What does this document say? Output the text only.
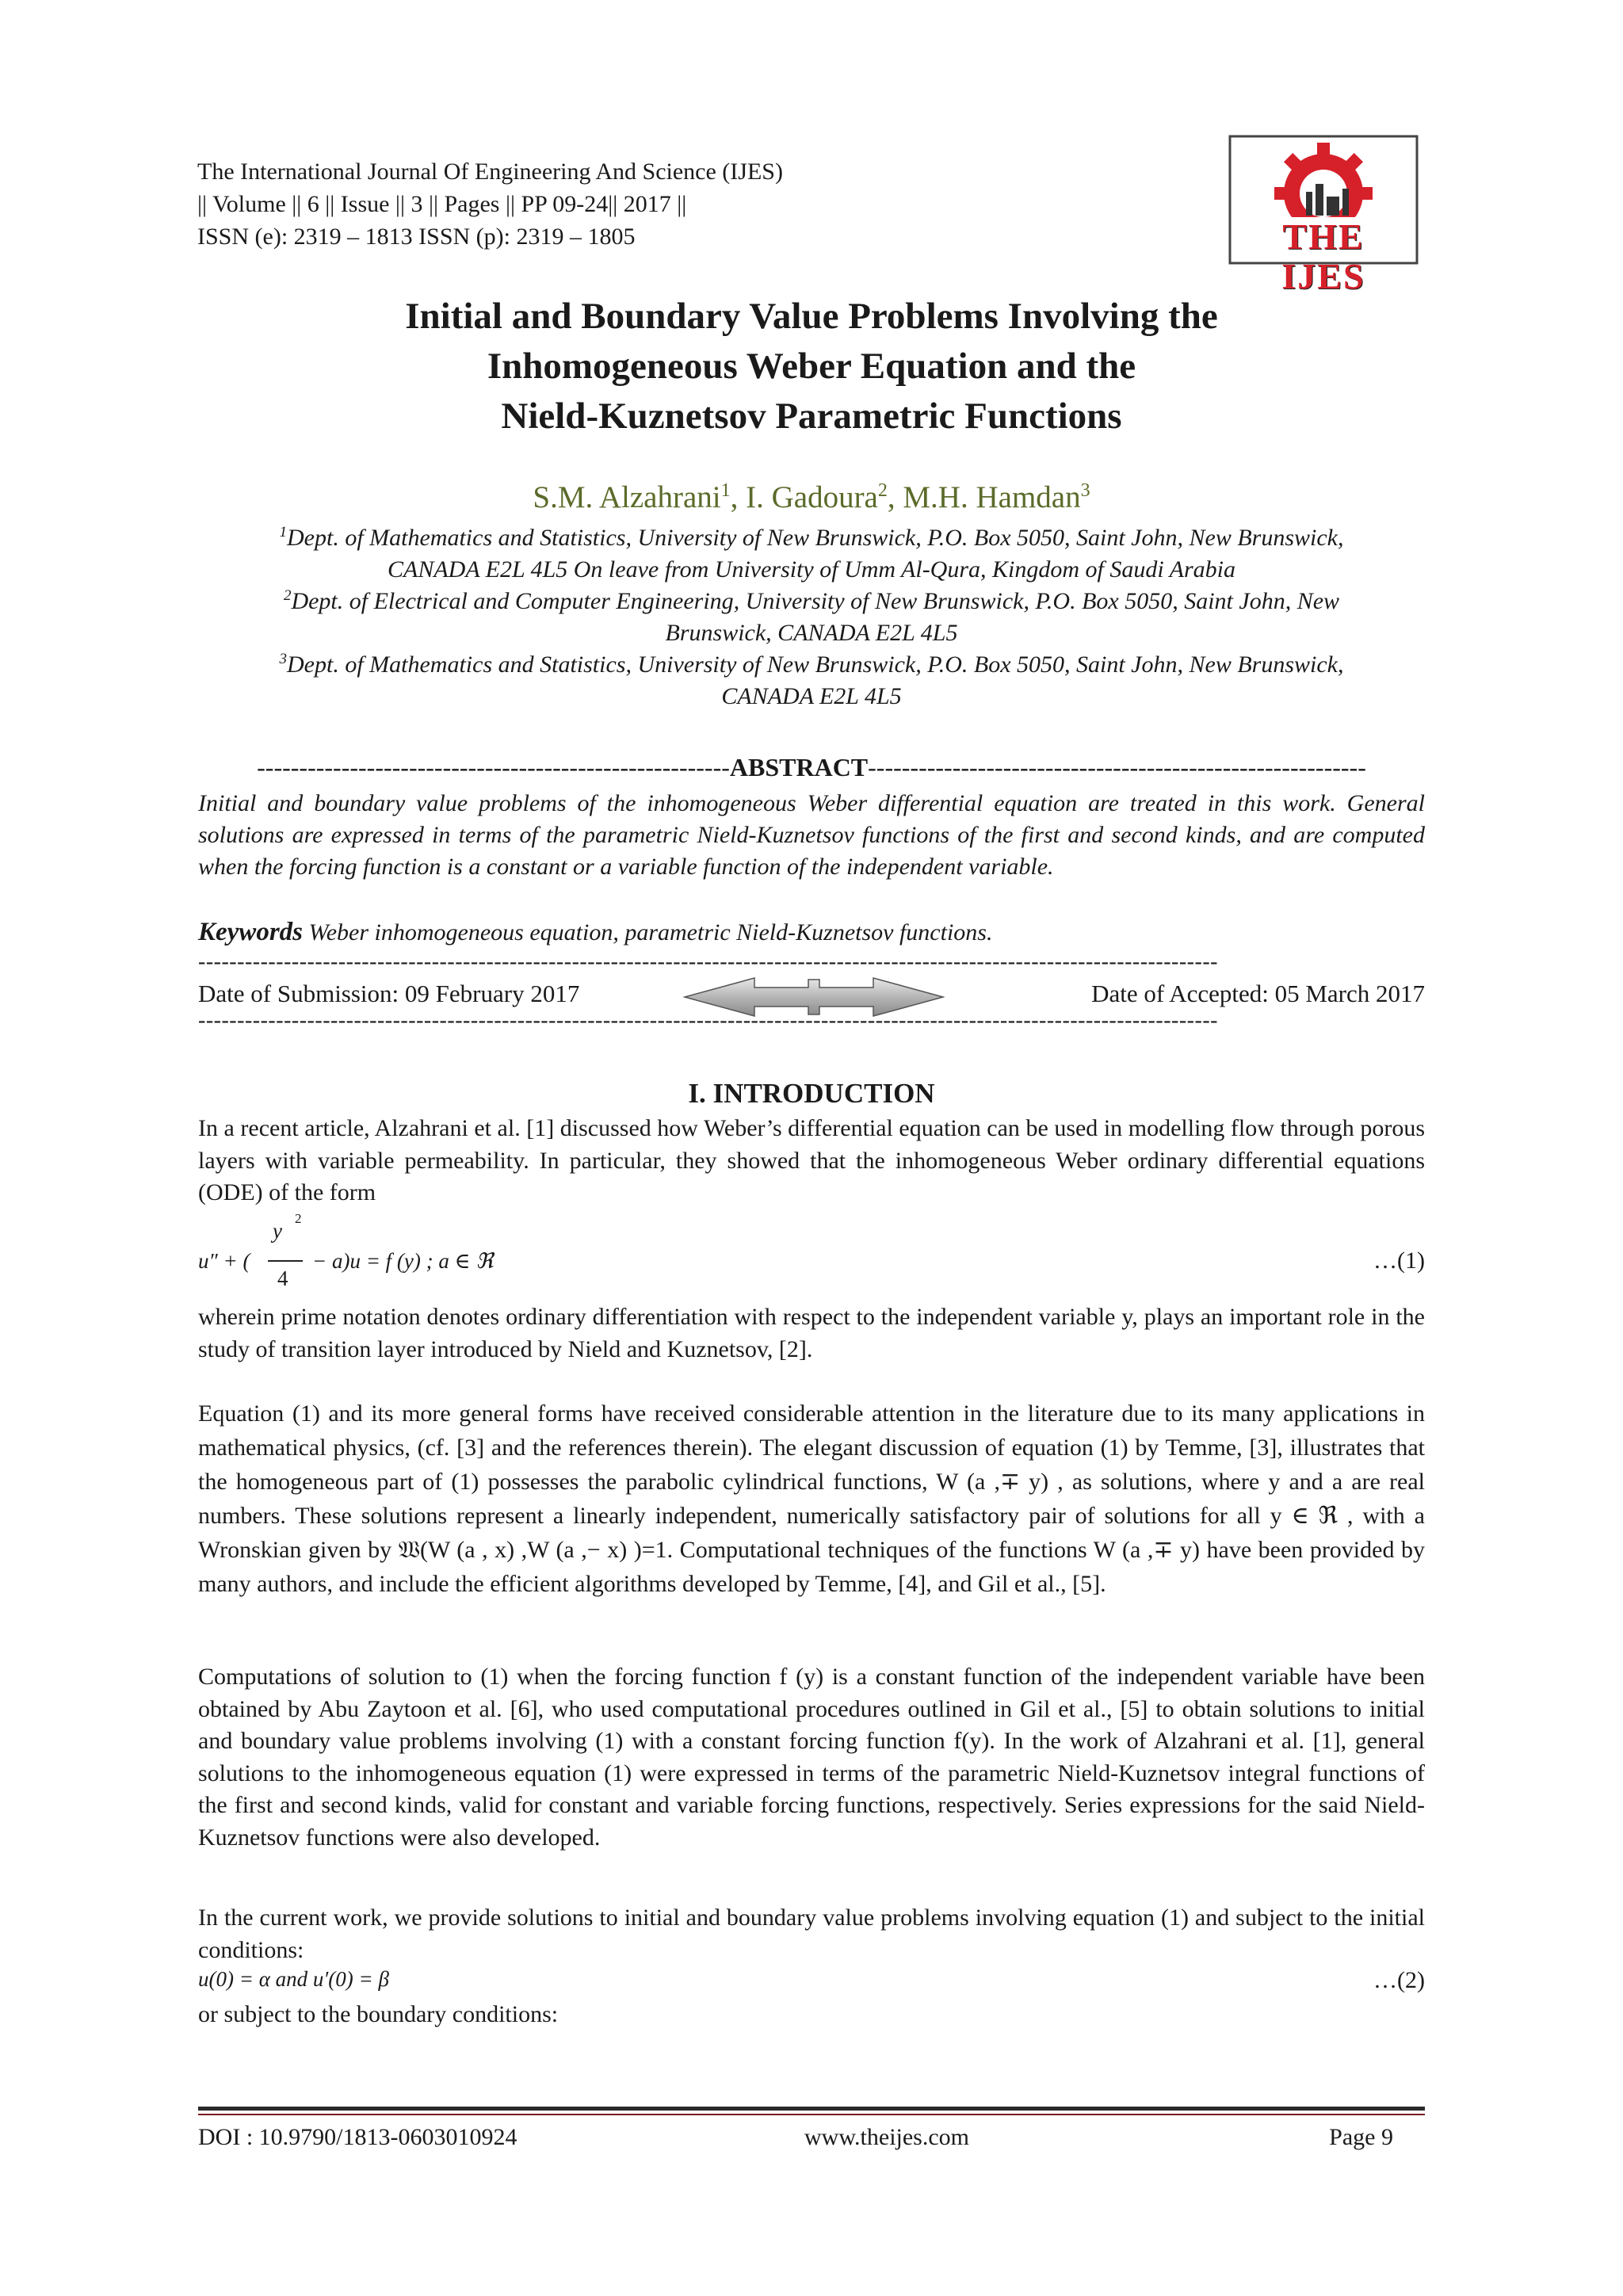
The International Journal Of Engineering And Science (IJES)
|| Volume || 6 || Issue || 3 || Pages || PP 09-24|| 2017 ||
ISSN (e): 2319 – 1813 ISSN (p): 2319 – 1805	THE IJES
Initial and Boundary Value Problems Involving the
Inhomogeneous Weber Equation and the
Nield-Kuznetsov Parametric Functions
S.M. Alzahrani$^1$, I. Gadoura$^2$, M.H. Hamdan$^3$
$^1$Dept. of Mathematics and Statistics, University of New Brunswick, P.O. Box 5050, Saint John, New Brunswick,
CANADA E2L 4L5 On leave from University of Umm Al-Qura, Kingdom of Saudi Arabia
$^2$Dept. of Electrical and Computer Engineering, University of New Brunswick, P.O. Box 5050, Saint John, New
Brunswick, CANADA E2L 4L5
$^3$Dept. of Mathematics and Statistics, University of New Brunswick, P.O. Box 5050, Saint John, New Brunswick,
CANADA E2L 4L5
--------------------------------------------------------ABSTRACT-----------------------------------------------------------
Initial and boundary value problems of the inhomogeneous Weber differential equation are treated in this work. General solutions are expressed in terms of the parametric Nield-Kuznetsov functions of the first and second kinds, and are computed when the forcing function is a constant or a variable function of the independent variable.
Keywords Weber inhomogeneous equation, parametric Nield-Kuznetsov functions.
-----------------------------------------------------------------------------------------------------------------------------------
Date of Submission: 09 February 2017	Date of Accepted: 05 March 2017
-----------------------------------------------------------------------------------------------------------------------------------
I. INTRODUCTION
In a recent article, Alzahrani et al. [1] discussed how Weber’s differential equation can be used in modelling flow through porous layers with variable permeability. In particular, they showed that the inhomogeneous Weber ordinary differential equations (ODE) of the form
u″ + (
y
2
4
− a)u = f (y) ; a ∈ ℜ	…(1)
wherein prime notation denotes ordinary differentiation with respect to the independent variable y, plays an important role in the study of transition layer introduced by Nield and Kuznetsov, [2].
Equation (1) and its more general forms have received considerable attention in the literature due to its many applications in mathematical physics, (cf. [3] and the references therein). The elegant discussion of equation (1) by Temme, [3], illustrates that the homogeneous part of (1) possesses the parabolic cylindrical functions, W (a ,∓ y) , as solutions, where y and a are real numbers. These solutions represent a linearly independent, numerically satisfactory pair of solutions for all y ∈ ℜ , with a Wronskian given by 𝔚(W (a , x) ,W (a ,− x) )=1. Computational techniques of the functions W (a ,∓ y) have been provided by many authors, and include the efficient algorithms developed by Temme, [4], and Gil et al., [5].
Computations of solution to (1) when the forcing function f (y) is a constant function of the independent variable have been obtained by Abu Zaytoon et al. [6], who used computational procedures outlined in Gil et al., [5] to obtain solutions to initial and boundary value problems involving (1) with a constant forcing function f(y). In the work of Alzahrani et al. [1], general solutions to the inhomogeneous equation (1) were expressed in terms of the parametric Nield-Kuznetsov integral functions of the first and second kinds, valid for constant and variable forcing functions, respectively. Series expressions for the said Nield-Kuznetsov functions were also developed.
In the current work, we provide solutions to initial and boundary value problems involving equation (1) and subject to the initial conditions:
u(0) = α and u′(0) = β	…(2)
or subject to the boundary conditions:
DOI : 10.9790/1813-0603010924	www.theijes.com	Page 9
